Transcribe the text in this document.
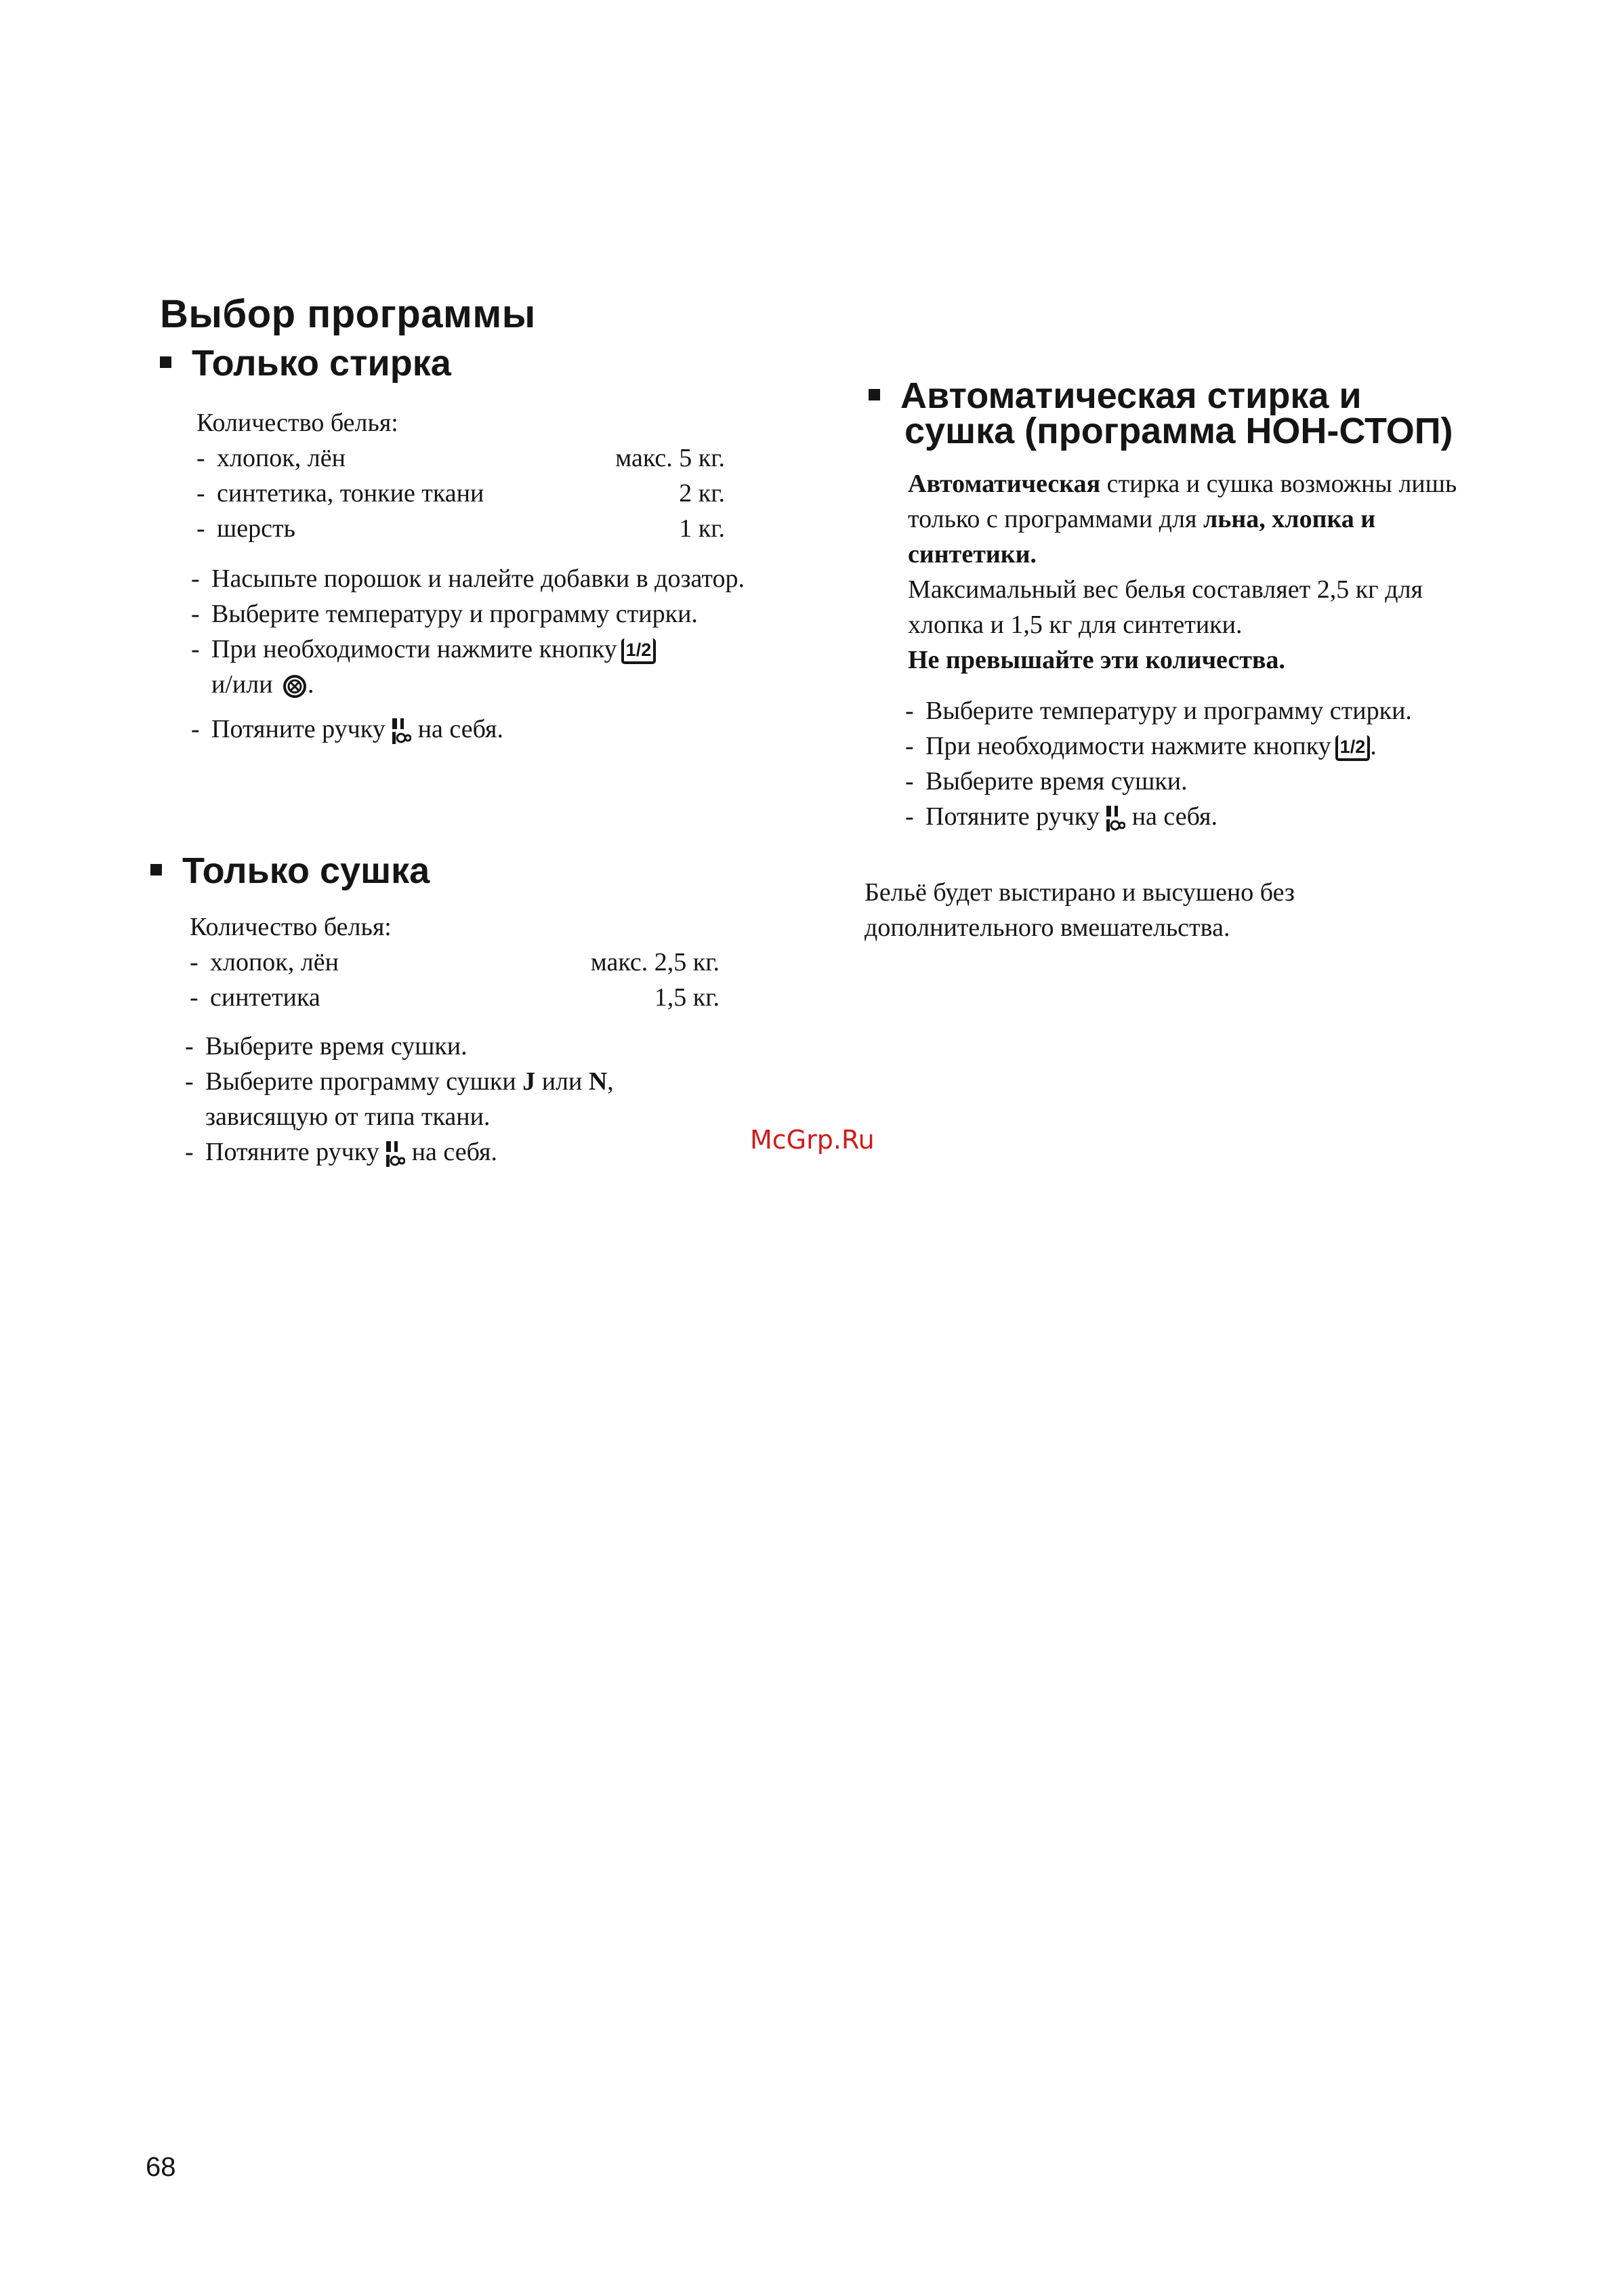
Выбор программы
Только стирка
Количество белья:
- хлопок, лён	макс. 5 кг.
- синтетика, тонкие ткани	2 кг.
- шерсть	1 кг.
- Насыпьте порошок и налейте добавки в дозатор.
- Выберите температуру и программу стирки.
- При необходимости нажмите кнопку 1/2
и/или .
- Потяните ручку на себя.
Только сушка
Количество белья:
- хлопок, лён	макс. 2,5 кг.
- синтетика	1,5 кг.
- Выберите время сушки.
- Выберите программу сушки J или N,
зависящую от типа ткани.
- Потяните ручку на себя.
Автоматическая стирка и

сушка (программа НОН-СТОП)
Автоматическая стирка и сушка возможны лишь только с программами для льна, хлопка и синтетики.
Максимальный вес белья составляет 2,5 кг для хлопка и 1,5 кг для синтетики.
Не превышайте эти количества.
- Выберите температуру и программу стирки.
- При необходимости нажмите кнопку 1/2 .
- Выберите время сушки.
- Потяните ручку на себя.
Бельё будет выстирано и высушено без дополнительного вмешательства.
McGrp.Ru
68
